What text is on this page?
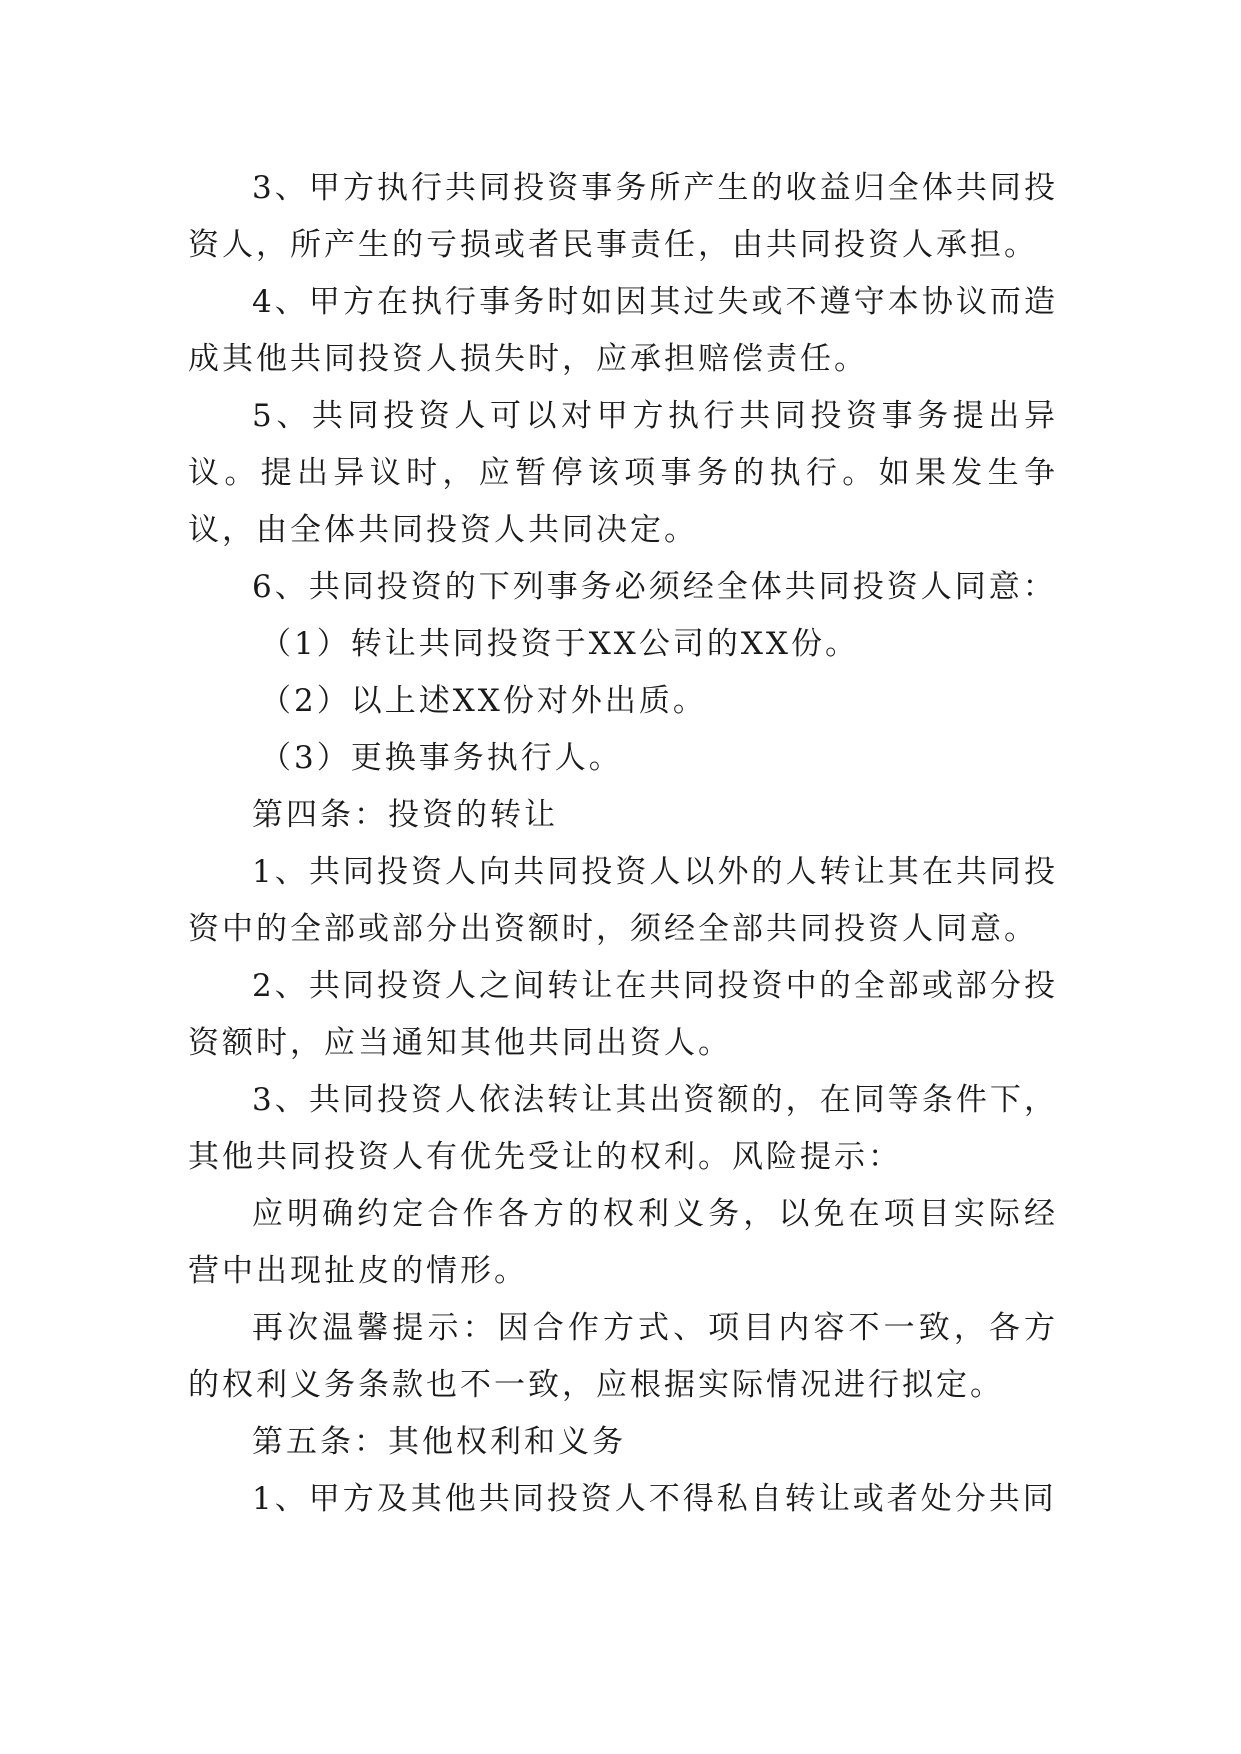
3、甲方执行共同投资事务所产生的收益归全体共同投资人，所产生的亏损或者民事责任，由共同投资人承担。

4、甲方在执行事务时如因其过失或不遵守本协议而造成其他共同投资人损失时，应承担赔偿责任。

5、共同投资人可以对甲方执行共同投资事务提出异议。提出异议时，应暂停该项事务的执行。如果发生争议，由全体共同投资人共同决定。

6、共同投资的下列事务必须经全体共同投资人同意：

（1）转让共同投资于XX公司的XX份。

（2）以上述XX份对外出质。

（3）更换事务执行人。

第四条：投资的转让

1、共同投资人向共同投资人以外的人转让其在共同投资中的全部或部分出资额时，须经全部共同投资人同意。

2、共同投资人之间转让在共同投资中的全部或部分投资额时，应当通知其他共同出资人。

3、共同投资人依法转让其出资额的，在同等条件下，其他共同投资人有优先受让的权利。风险提示：

应明确约定合作各方的权利义务，以免在项目实际经营中出现扯皮的情形。

再次温馨提示：因合作方式、项目内容不一致，各方的权利义务条款也不一致，应根据实际情况进行拟定。

第五条：其他权利和义务

1、甲方及其他共同投资人不得私自转让或者处分共同
